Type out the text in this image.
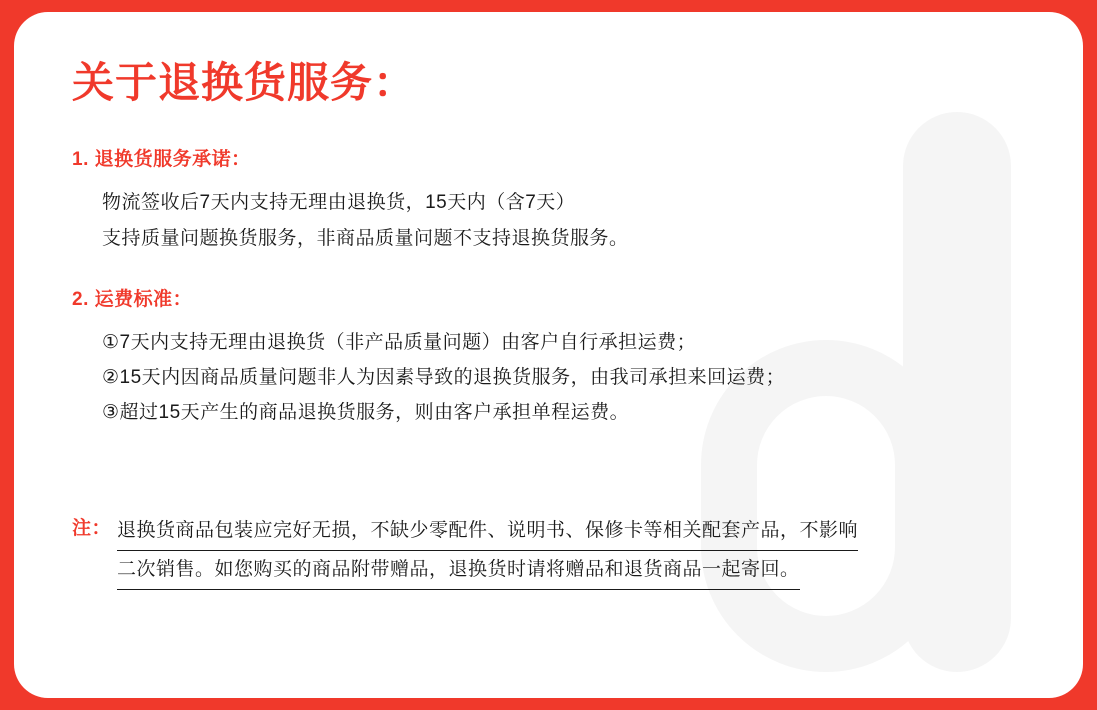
关于退换货服务：
1. 退换货服务承诺：
物流签收后7天内支持无理由退换货，15天内（含7天）
支持质量问题换货服务，非商品质量问题不支持退换货服务。
2. 运费标准：
①7天内支持无理由退换货（非产品质量问题）由客户自行承担运费；
②15天内因商品质量问题非人为因素导致的退换货服务，由我司承担来回运费；
③超过15天产生的商品退换货服务，则由客户承担单程运费。
注： 退换货商品包装应完好无损，不缺少零配件、说明书、保修卡等相关配套产品，不影响
二次销售。如您购买的商品附带赠品，退换货时请将赠品和退货商品一起寄回。
